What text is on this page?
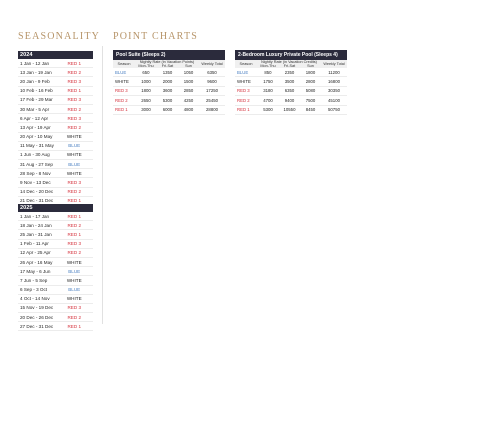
SEASONALITY POINT CHARTS
2024	
1 Jan - 12 Jan	RED 1
13 Jan - 19 Jan	RED 2
20 Jan - 9 Feb	RED 3
10 Feb - 16 Feb	RED 1
17 Feb - 29 Mar	RED 3
30 Mar - 5 Apr	RED 2
6 Apr - 12 Apr	RED 3
13 Apr - 19 Apr	RED 2
20 Apr - 10 May	WHITE
11 May - 31 May	BLUE
1 Jun - 30 Aug	WHITE
31 Aug - 27 Sep	BLUE
28 Sep - 8 Nov	WHITE
9 Nov - 13 Dec	RED 3
14 Dec - 20 Dec	RED 2
21 Dec - 31 Dec	RED 1
2025	
1 Jan - 17 Jan	RED 1
18 Jan - 24 Jan	RED 2
25 Jan - 31 Jan	RED 1
1 Feb - 11 Apr	RED 3
12 Apr - 25 Apr	RED 2
26 Apr - 16 May	WHITE
17 May - 6 Jun	BLUE
7 Jun - 5 Sep	WHITE
6 Sep - 3 Oct	BLUE
4 Oct - 14 Nov	WHITE
15 Nov - 19 Dec	RED 3
20 Dec - 26 Dec	RED 2
27 Dec - 31 Dec	RED 1
Pool Suite (Sleeps 2)				
Season	Nightly Rate (in Vacation Points)			Weekly Total
	Mon-Thu	Fri-Sat	Sun	
BLUE	650	1350	1050	6350
WHITE	1000	2000	1500	9600
RED 3	1800	3600	2850	17250
RED 2	2650	5300	4250	25450
RED 1	3000	6000	4800	28800
2-Bedroom Luxury Private Pool (Sleeps 4)				
Season	Nightly Rate (in Vacation Credits)			Weekly Total
	Mon-Thu	Fri-Sat	Sun	
BLUE	850	2350	1800	11200
WHITE	1750	3500	2800	16800
RED 3	3180	6350	5080	30350
RED 2	4700	9400	7500	45100
RED 1	5300	10550	8450	50750
